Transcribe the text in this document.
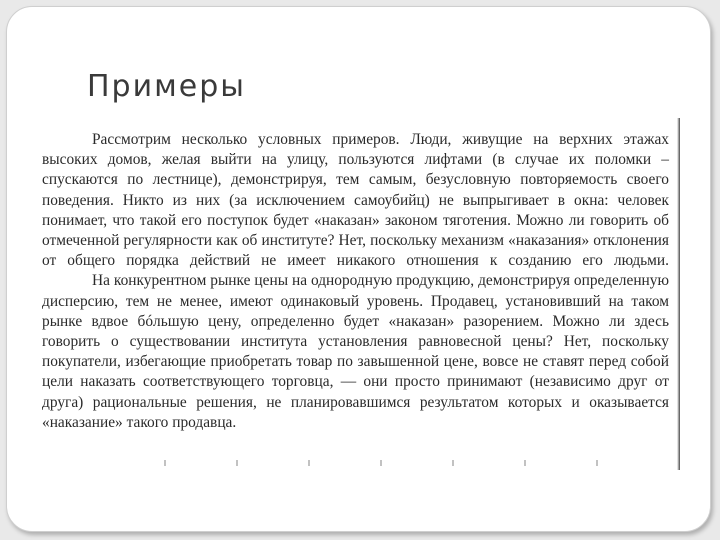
Примеры

Рассмотрим несколько условных примеров. Люди, живущие на верхних этажах высоких домов, желая выйти на улицу, пользуются лифтами (в случае их поломки – спускаются по лестнице), демонстрируя, тем самым, безусловную повторяемость своего поведения. Никто из них (за исключением самоубийц) не выпрыгивает в окна: человек понимает, что такой его поступок будет «наказан» законом тяготения. Можно ли говорить об отмеченной регулярности как об институте? Нет, поскольку механизм «наказания» отклонения от общего порядка действий не имеет никакого отношения к созданию его людьми.

На конкурентном рынке цены на однородную продукцию, демонстрируя определенную дисперсию, тем не менее, имеют одинаковый уровень. Продавец, установивший на таком рынке вдвое бóльшую цену, определенно будет «наказан» разорением. Можно ли здесь говорить о существовании института установления равновесной цены? Нет, поскольку покупатели, избегающие приобретать товар по завышенной цене, вовсе не ставят перед собой цели наказать соответствующего торговца, — они просто принимают (независимо друг от друга) рациональные решения, не планировавшимся результатом которых и оказывается «наказание» такого продавца.
